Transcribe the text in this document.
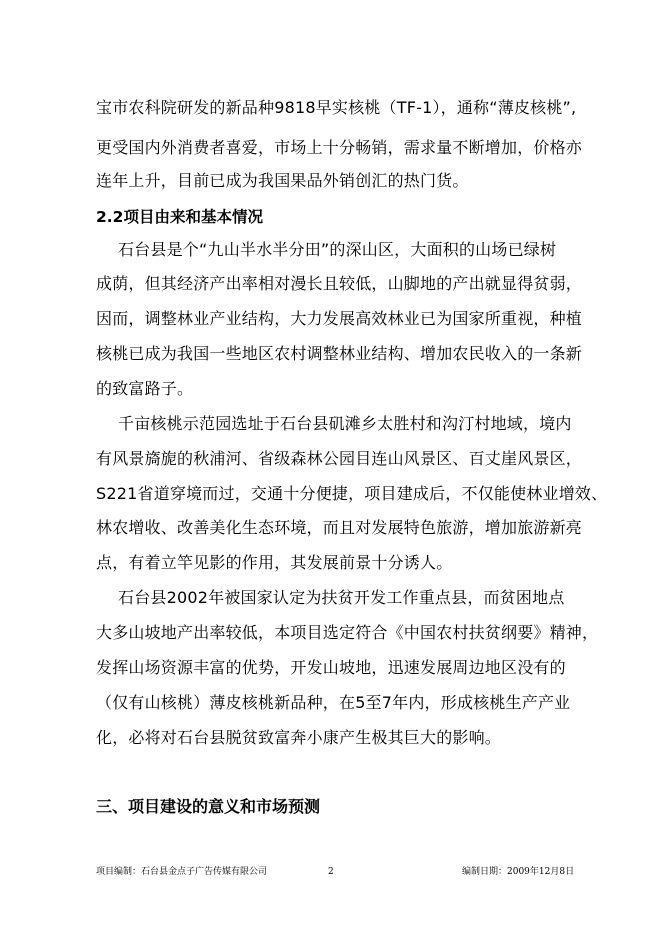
宝市农科院研发的新品种9818早实核桃（TF-1），通称“薄皮核桃”,
更受国内外消费者喜爱，市场上十分畅销，需求量不断增加，价格亦
连年上升，目前已成为我国果品外销创汇的热门货。
2.2项目由来和基本情况
石台县是个“九山半水半分田”的深山区，大面积的山场已绿树
成荫，但其经济产出率相对漫长且较低，山脚地的产出就显得贫弱，
因而，调整林业产业结构，大力发展高效林业已为国家所重视，种植
核桃已成为我国一些地区农村调整林业结构、增加农民收入的一条新
的致富路子。
千亩核桃示范园选址于石台县矶滩乡太胜村和沟汀村地域，境内
有风景旖旎的秋浦河、省级森林公园目连山风景区、百丈崖风景区，
S221省道穿境而过，交通十分便捷，项目建成后，不仅能使林业增效、
林农增收、改善美化生态环境，而且对发展特色旅游，增加旅游新亮
点，有着立竿见影的作用，其发展前景十分诱人。
石台县2002年被国家认定为扶贫开发工作重点县，而贫困地点
大多山坡地产出率较低，本项目选定符合《中国农村扶贫纲要》精神，
发挥山场资源丰富的优势，开发山坡地，迅速发展周边地区没有的
（仅有山核桃）薄皮核桃新品种，在5至7年内，形成核桃生产产业
化，必将对石台县脱贫致富奔小康产生极其巨大的影响。
三、项目建设的意义和市场预测
项目编制：石台县金点子广告传媒有限公司	2	编制日期：2009年12月8日
